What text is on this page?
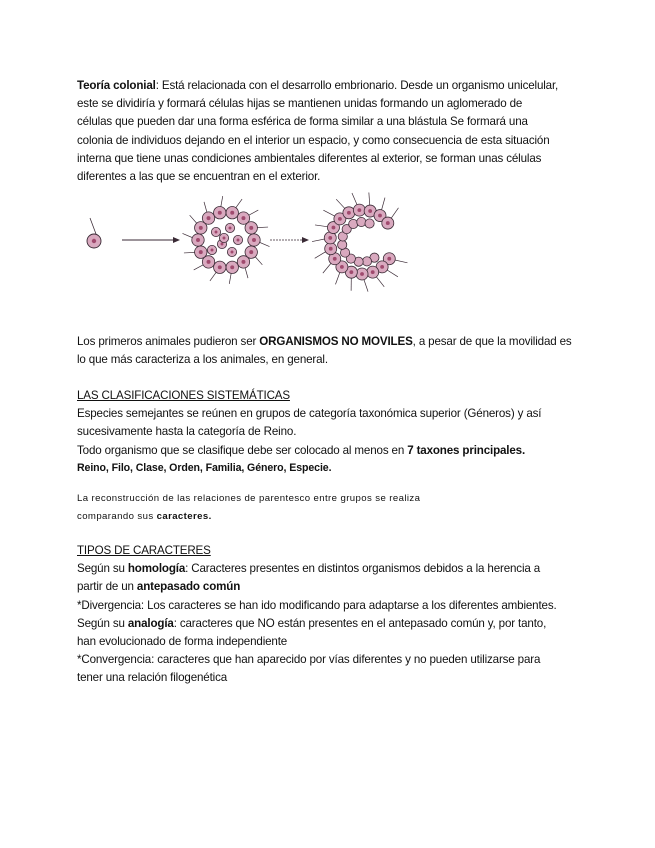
Teoría colonial: Está relacionada con el desarrollo embrionario. Desde un organismo unicelular,

este se dividiría y formará células hijas se mantienen unidas formando un aglomerado de

células que pueden dar una forma esférica de forma similar a una blástula Se formará una

colonia de individuos dejando en el interior un espacio, y como consecuencia de esta situación

interna que tiene unas condiciones ambientales diferentes al exterior, se forman unas células

diferentes a las que se encuentran en el exterior.

Los primeros animales pudieron ser ORGANISMOS NO MOVILES, a pesar de que la movilidad es

lo que más caracteriza a los animales, en general.

LAS CLASIFICACIONES SISTEMÁTICAS

Especies semejantes se reúnen en grupos de categoría taxonómica superior (Géneros) y así

sucesivamente hasta la categoría de Reino.

Todo organismo que se clasifique debe ser colocado al menos en 7 taxones principales.

Reino, Filo, Clase, Orden, Familia, Género, Especie.

La reconstrucción de las relaciones de parentesco entre grupos se realiza

comparando sus caracteres.

TIPOS DE CARACTERES

Según su homología: Caracteres presentes en distintos organismos debidos a la herencia a

partir de un antepasado común

*Divergencia: Los caracteres se han ido modificando para adaptarse a los diferentes ambientes.

Según su analogía: caracteres que NO están presentes en el antepasado común y, por tanto,

han evolucionado de forma independiente

*Convergencia: caracteres que han aparecido por vías diferentes y no pueden utilizarse para

tener una relación filogenética
